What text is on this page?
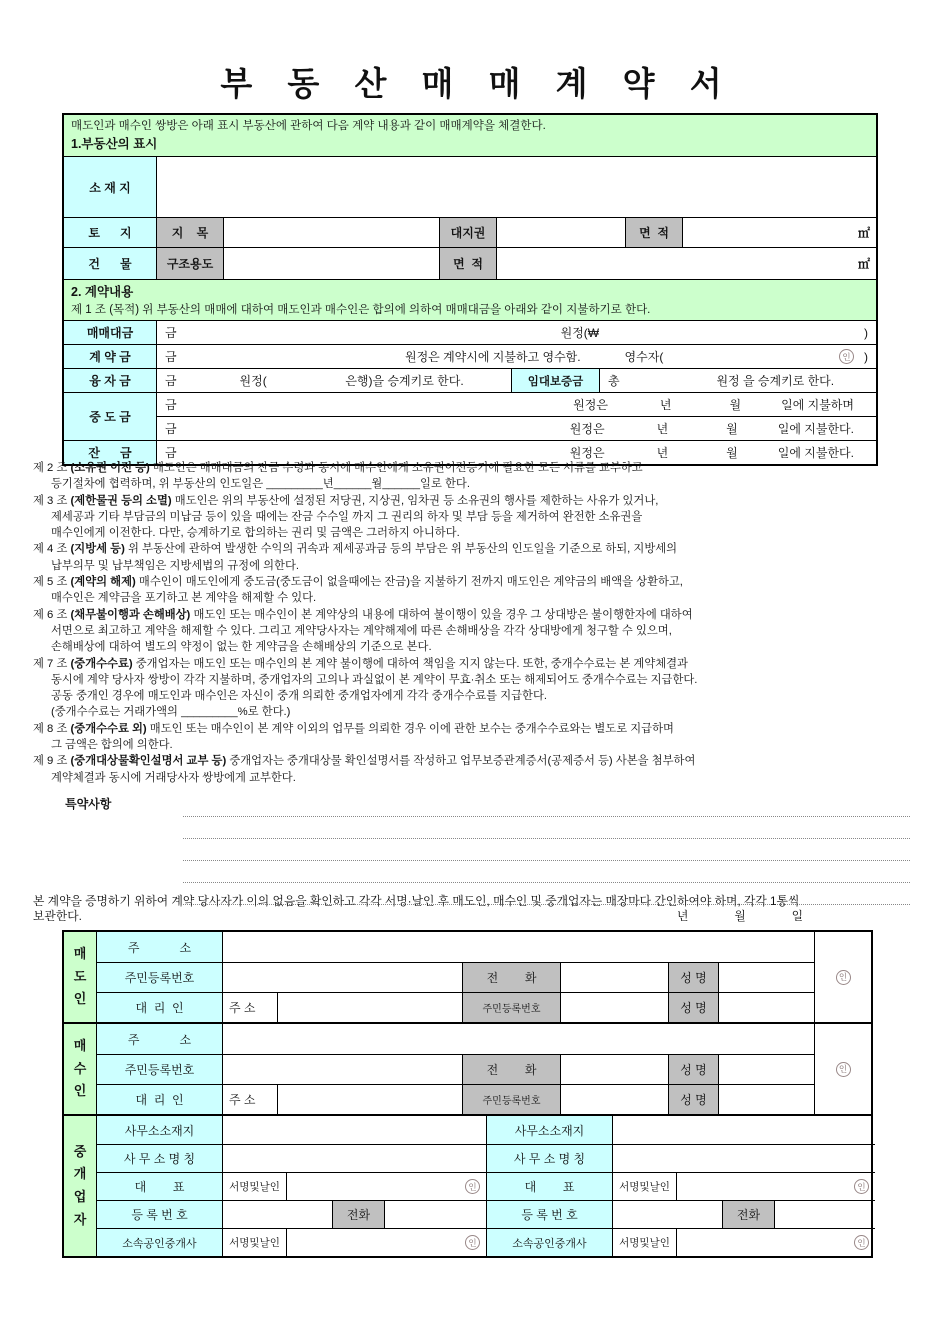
부 동 산 매 매 계 약 서
매도인과 매수인 쌍방은 아래 표시 부동산에 관하여 다음 계약 내용과 같이 매매계약을 체결한다.
1.부동산의 표시
소 재 지
토      지	지    목	대지권	면  적	㎡
건      물	구조용도	면  적	㎡
2. 계약내용
제 1 조 (목적) 위 부동산의 매매에 대하여 매도인과 매수인은 합의에 의하여 매매대금을 아래와 같이 지불하기로 한다.
매매대금	금	원정(₩	)
계 약 금	금	원정은 계약시에 지불하고 영수함.	영수자(	인 )
융 자 금	금	원정(	은행)을 승계키로 한다.	임대보증금	총	원정 을 승계키로 한다.
중 도 금
금	원정은	년	월	일에 지불하며
금	원정은	년	월	일에 지불한다.
잔      금	금	원정은	년	월	일에 지불한다.
제 2 조 (소유권 이전 등) 매도인은 매매대금의 잔금 수령과 동시에 매수인에게 소유권이전등기에 필요한 모든 서류를 교부하고
등기절차에 협력하며, 위 부동산의 인도일은 _________년______월______일로 한다.
제 3 조 (제한물권 등의 소멸) 매도인은 위의 부동산에 설정된 저당권, 지상권, 임차권 등 소유권의 행사를 제한하는 사유가 있거나,
제세공과 기타 부담금의 미납금 등이 있을 때에는 잔금 수수일 까지 그 권리의 하자 및 부담 등을 제거하여 완전한 소유권을
매수인에게 이전한다. 다만, 승계하기로 합의하는 권리 및 금액은 그러하지 아니하다.
제 4 조 (지방세 등) 위 부동산에 관하여 발생한 수익의 귀속과 제세공과금 등의 부담은 위 부동산의 인도일을 기준으로 하되, 지방세의
납부의무 및 납부책임은 지방세법의 규정에 의한다.
제 5 조 (계약의 해제) 매수인이 매도인에게 중도금(중도금이 없을때에는 잔금)을 지불하기 전까지 매도인은 계약금의 배액을 상환하고,
매수인은 계약금을 포기하고 본 계약을 해제할 수 있다.
제 6 조 (채무불이행과 손해배상) 매도인 또는 매수인이 본 계약상의 내용에 대하여 불이행이 있을 경우 그 상대방은 불이행한자에 대하여
서면으로 최고하고 계약을 해제할 수 있다. 그리고 계약당사자는 계약해제에 따른 손해배상을 각각 상대방에게 청구할 수 있으며,
손해배상에 대하여 별도의 약정이 없는 한 계약금을 손해배상의 기준으로 본다.
제 7 조 (중개수수료) 중개업자는 매도인 또는 매수인의 본 계약 불이행에 대하여 책임을 지지 않는다. 또한, 중개수수료는 본 계약체결과
동시에 계약 당사자 쌍방이 각각 지불하며, 중개업자의 고의나 과실없이 본 계약이 무효·취소 또는 해제되어도 중개수수료는 지급한다.
공동 중개인 경우에 매도인과 매수인은 자신이 중개 의뢰한 중개업자에게 각각 중개수수료를 지급한다.
(중개수수료는 거래가액의 _________%로 한다.)
제 8 조 (중개수수료 외) 매도인 또는 매수인이 본 계약 이외의 업무를 의뢰한 경우 이에 관한 보수는 중개수수료와는 별도로 지급하며
그 금액은 합의에 의한다.
제 9 조 (중개대상물확인설명서 교부 등) 중개업자는 중개대상물 확인설명서를 작성하고 업무보증관계증서(공제증서 등) 사본을 첨부하여
계약체결과 동시에 거래당사자 쌍방에게 교부한다.
특약사항
본 계약을 증명하기 위하여 계약 당사자가 이의 없음을 확인하고 각각 서명·날인 후 매도인, 매수인 및 중개업자는 매장마다 간인하여야 하며, 각각 1통씩
보관한다.	년              월              일
매도인
주            소
주민등록번호	전        화	성 명
대  리  인	주 소	주민등록번호	성 명
인
매수인
주            소
주민등록번호	전        화	성 명
대  리  인	주 소	주민등록번호	성 명
인
중개업자
사무소소재지	사무소소재지
사 무 소 명 칭	사 무 소 명 칭
대        표	서명및날인	인	대        표	서명및날인	인
등 록 번 호	전화	등 록 번 호	전화
소속공인중개사	서명및날인	인	소속공인중개사	서명및날인	인
